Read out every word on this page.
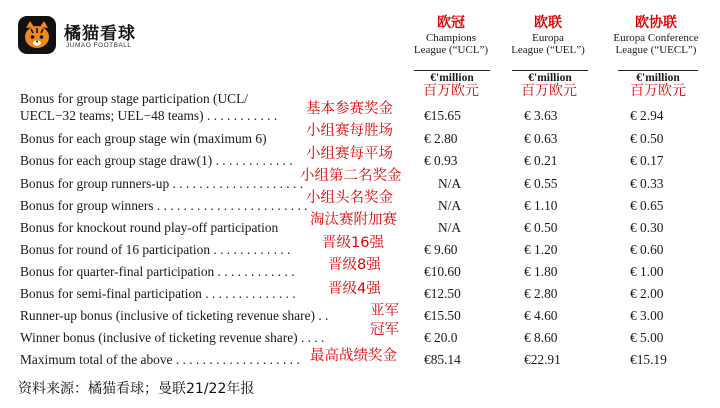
橘猫看球
JUMAO FOOTBALL
欧冠
Champions
League (“UCL”)
欧联
Europa
League (“UEL”)
欧协联
Europa Conference
League (“UECL”)
€'million	€'million	€'million
百万欧元	百万欧元	百万欧元
Bonus for group stage participation (UCL/
UECL−32 teams; UEL−48 teams) . . . . . . . . . . .	€15.65	€ 3.63	€ 2.94
Bonus for each group stage win (maximum 6)	€ 2.80	€ 0.63	€ 0.50
Bonus for each group stage draw(1) . . . . . . . . . . . .	€ 0.93	€ 0.21	€ 0.17
Bonus for group runners-up . . . . . . . . . . . . . . . . . . . .	N/A	€ 0.55	€ 0.33
Bonus for group winners . . . . . . . . . . . . . . . . . . . . . . .	N/A	€ 1.10	€ 0.65
Bonus for knockout round play-off participation	N/A	€ 0.50	€ 0.30
Bonus for round of 16 participation . . . . . . . . . . . .	€ 9.60	€ 1.20	€ 0.60
Bonus for quarter-final participation . . . . . . . . . . . .	€10.60	€ 1.80	€ 1.00
Bonus for semi-final participation . . . . . . . . . . . . . .	€12.50	€ 2.80	€ 2.00
Runner-up bonus (inclusive of ticketing revenue share) . .	€15.50	€ 4.60	€ 3.00
Winner bonus (inclusive of ticketing revenue share) . . . .	€ 20.0	€ 8.60	€ 5.00
Maximum total of the above . . . . . . . . . . . . . . . . . . .	€85.14	€22.91	€15.19
基本参赛奖金
小组赛每胜场
小组赛每平场
小组第二名奖金
小组头名奖金
淘汰赛附加赛
晋级16强
晋级8强
晋级4强
亚军
冠军
最高战绩奖金
资料来源：橘猫看球；曼联21/22年报
